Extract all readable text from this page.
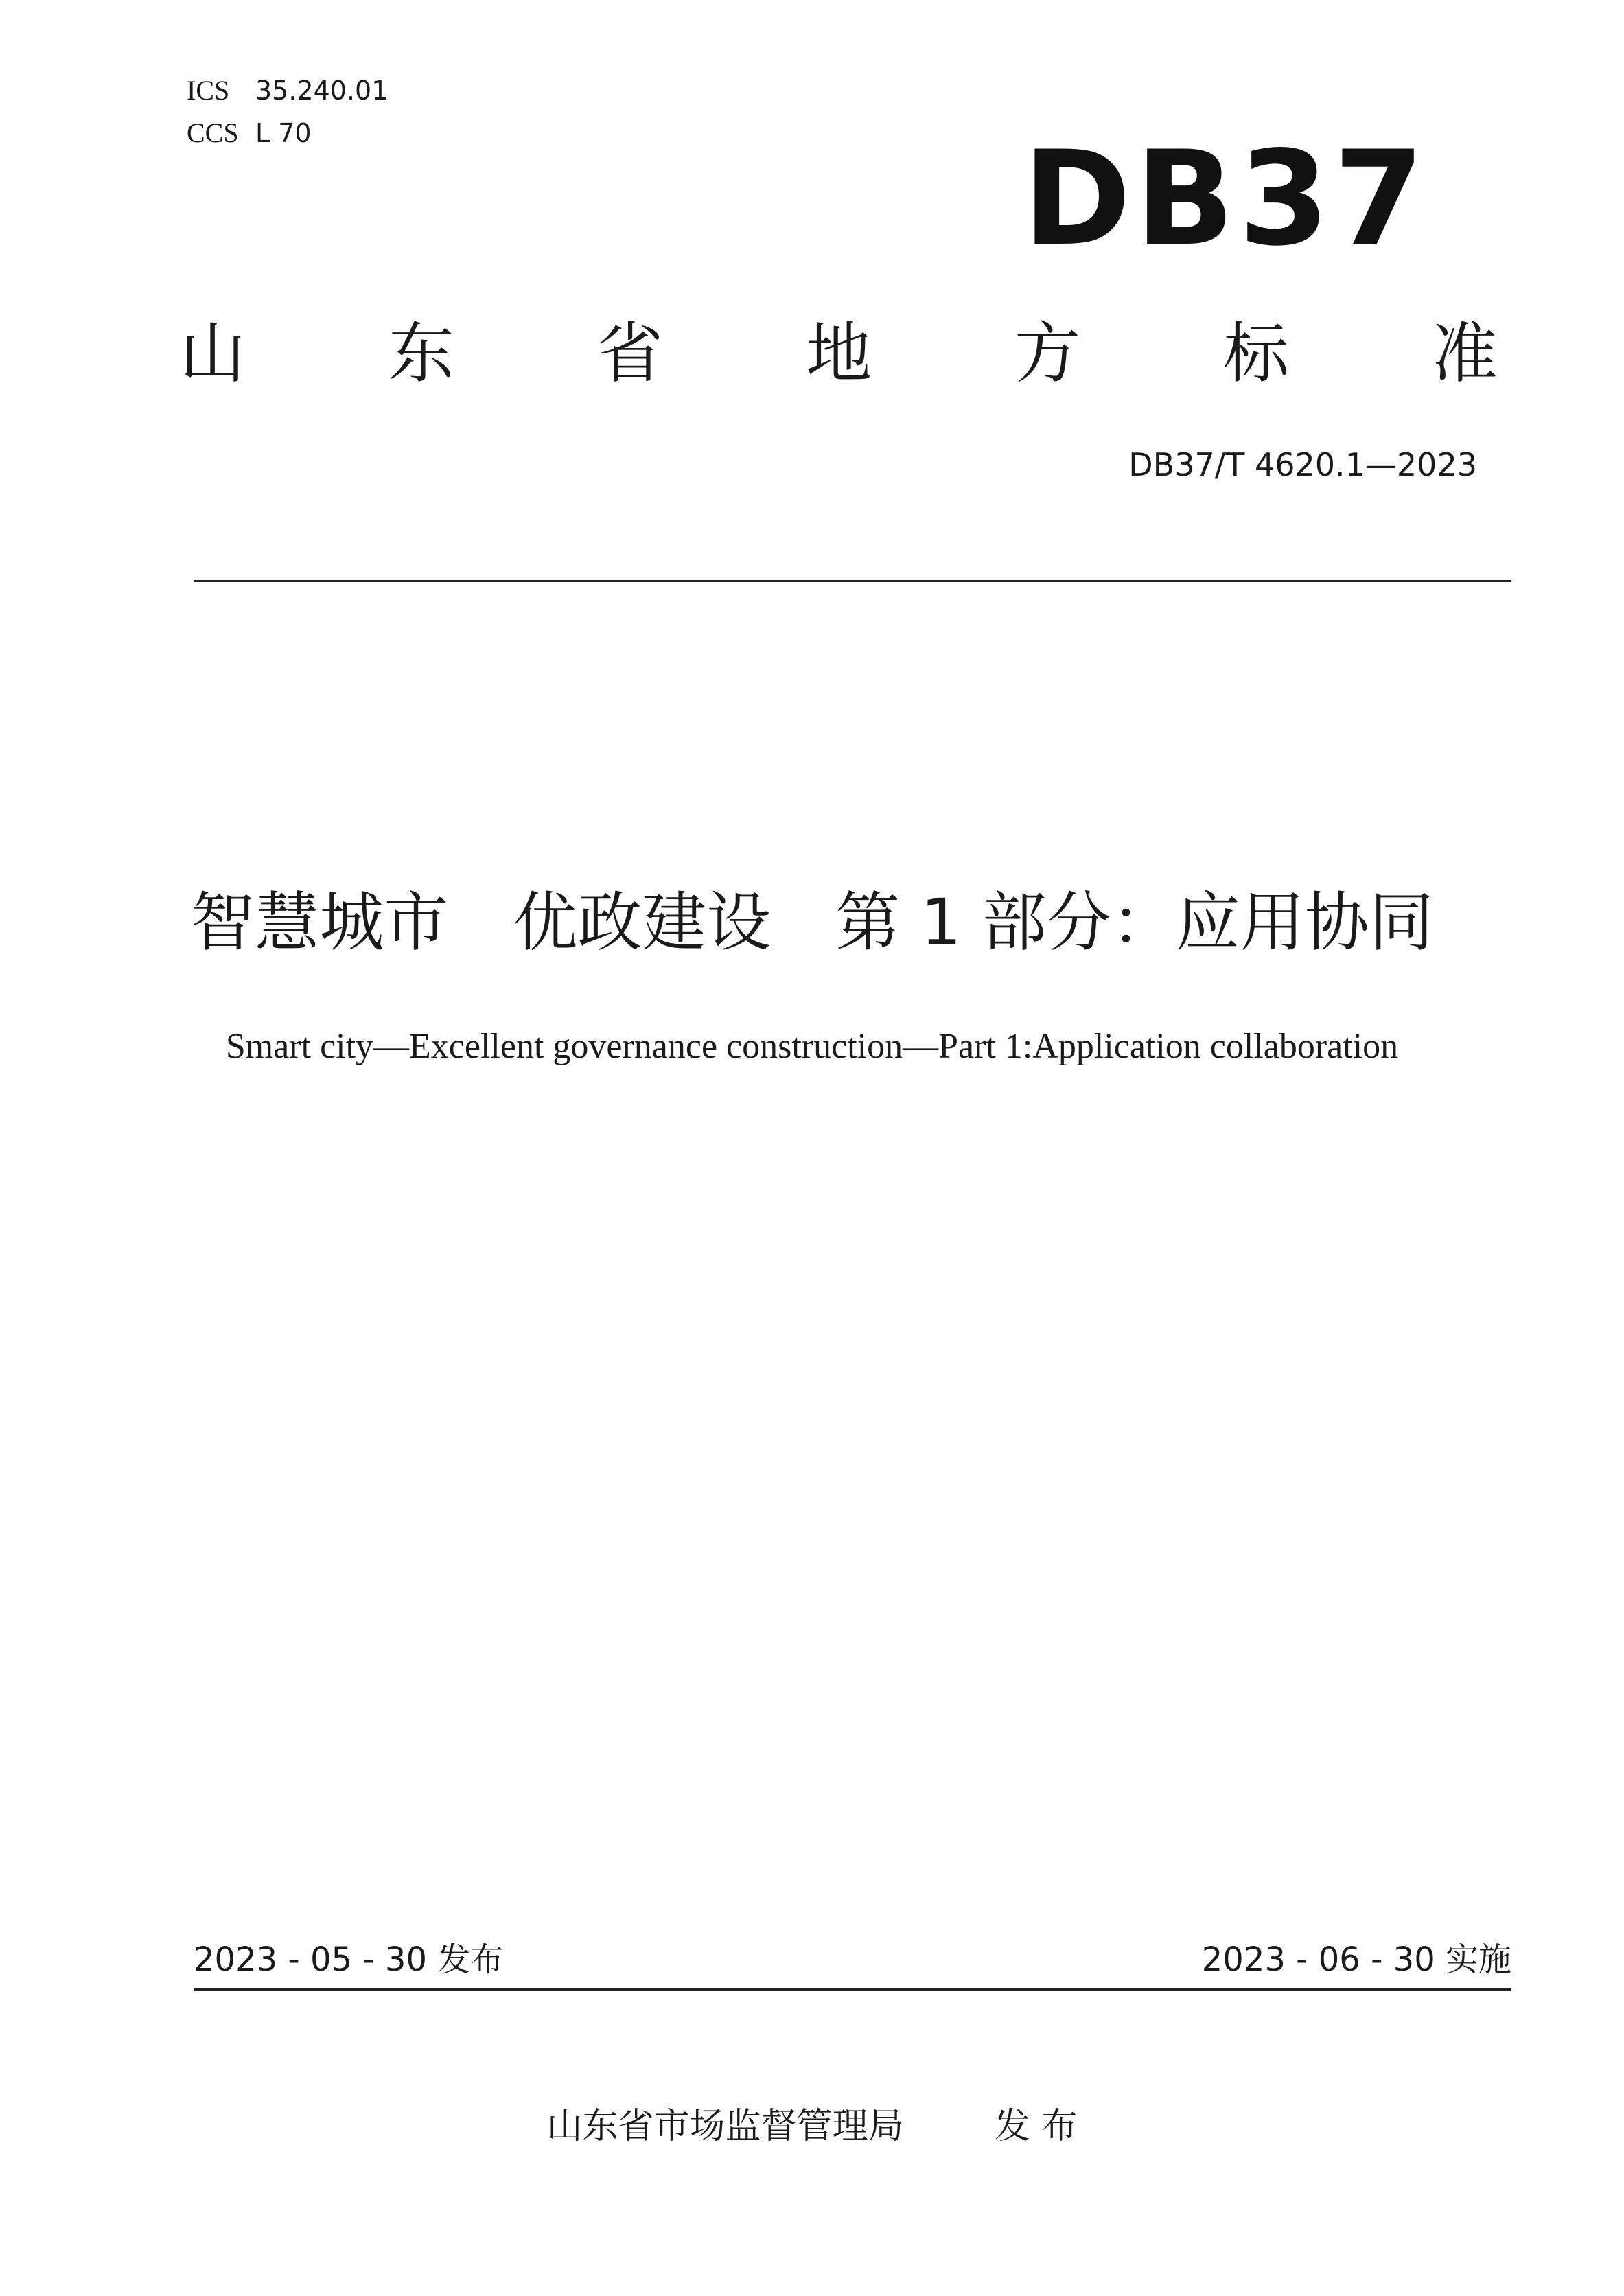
ICS 35.240.01
CCS L 70	DB37
山 东 省 地 方 标 准
DB37/T 4620.1—2023
智慧城市　优政建设　第 1 部分：应用协同
Smart city—Excellent governance construction—Part 1:Application collaboration
2023 - 05 - 30 发布	2023 - 06 - 30 实施
山东省市场监督管理局	发 布
